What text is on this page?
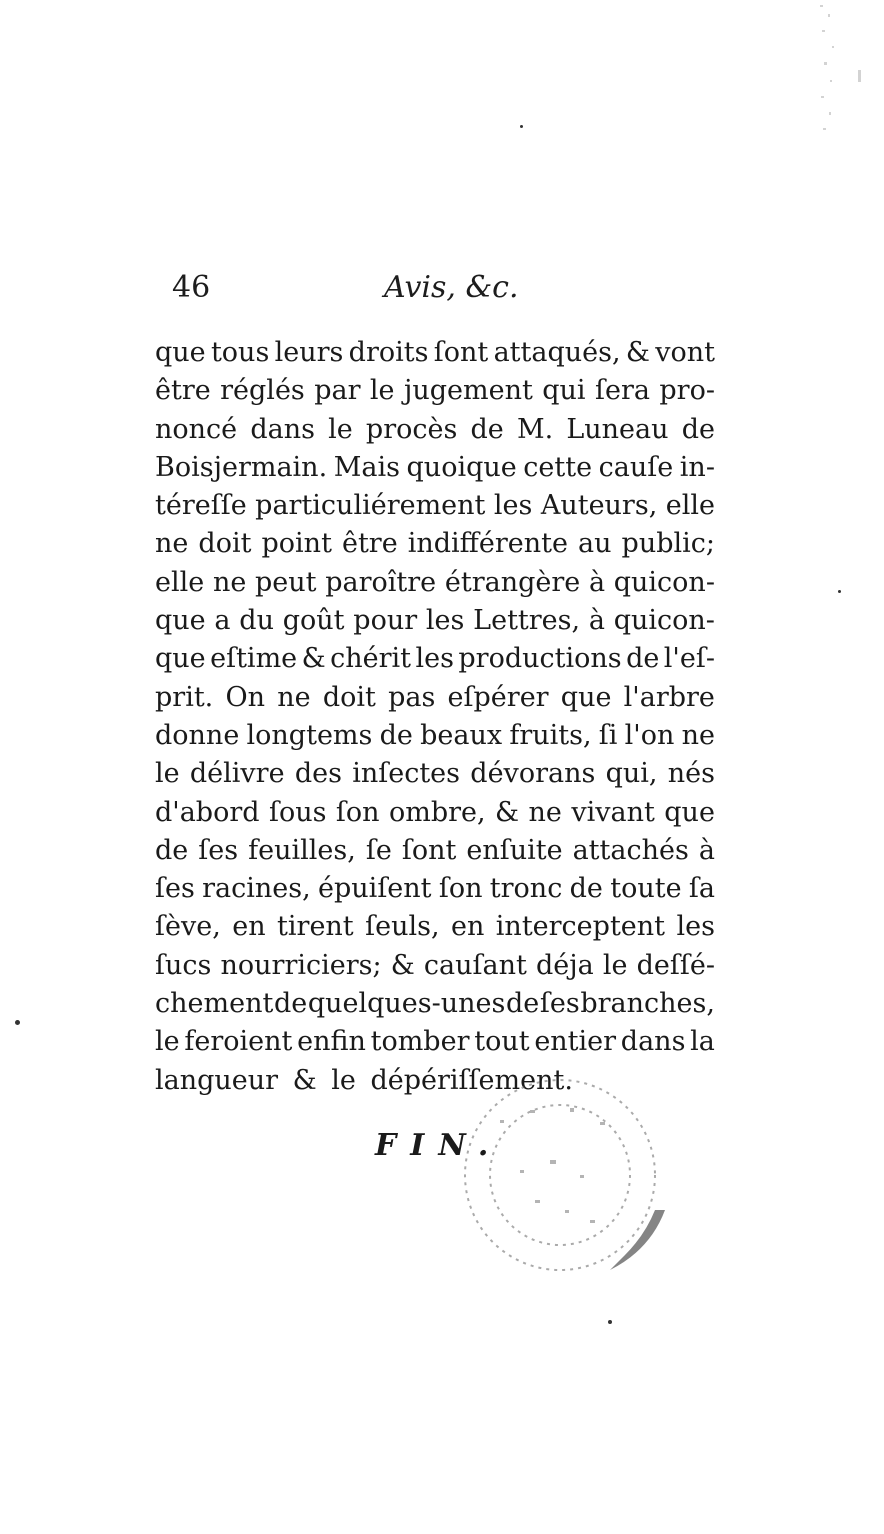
46	Avis, &c.
que tous leurs droits ſont attaqués, & vont
être réglés par le jugement qui ſera pro-
noncé dans le procès de M. Luneau de
Boisjermain. Mais quoique cette cauſe in-
téreſſe particuliérement les Auteurs, elle
ne doit point être indifférente au public;
elle ne peut paroître étrangère à quicon-
que a du goût pour les Lettres, à quicon-
que eſtime & chérit les productions de l'eſ-
prit. On ne doit pas eſpérer que l'arbre
donne longtems de beaux fruits, ſi l'on ne
le délivre des inſectes dévorans qui, nés
d'abord ſous ſon ombre, & ne vivant que
de ſes feuilles, ſe ſont enſuite attachés à
ſes racines, épuiſent ſon tronc de toute ſa
ſève, en tirent ſeuls, en interceptent les
ſucs nourriciers; & cauſant déja le deſſé-
chement de quelques-unes de ſes branches,
le feroient enfin tomber tout entier dans la
langueur & le dépériſſement.
FIN.
